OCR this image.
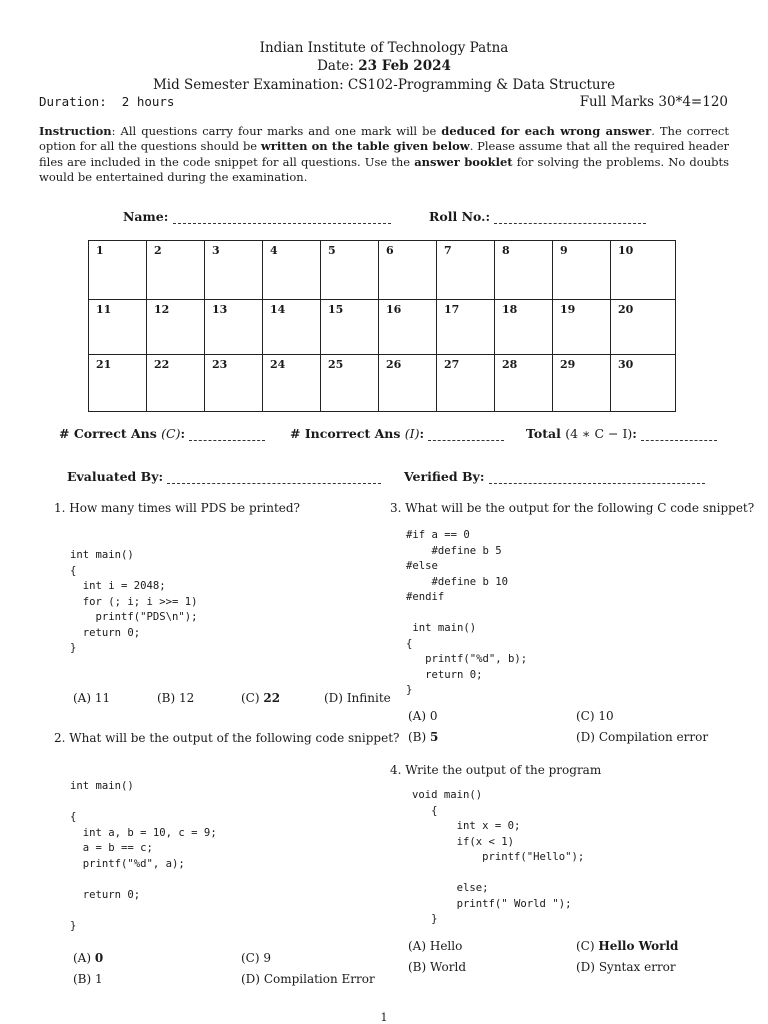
Indian Institute of Technology Patna
Date: 23 Feb 2024
Mid Semester Examination: CS102-Programming & Data Structure
Duration:  2 hours	Full Marks 30*4=120
Instruction: All questions carry four marks and one mark will be deduced for each wrong answer. The correct option for all the questions should be written on the table given below. Please assume that all the required header files are included in the code snippet for all questions. Use the answer booklet for solving the problems. No doubts would be entertained during the examination.
Name:	Roll No.:
1	2	3	4	5	6	7	8	9	10
11	12	13	14	15	16	17	18	19	20
21	22	23	24	25	26	27	28	29	30
# Correct Ans (C):	# Incorrect Ans (I):	Total (4 ∗ C − I):
Evaluated By:	Verified By:
1. How many times will PDS be printed?
int main()
{
int i = 2048;
for (; i; i >>= 1)
printf("PDS\n");
return 0;
}
(A) 11	(B) 12	(C) 22	(D) Infinite
2. What will be the output of the following code snippet?
int main()

{
int a, b = 10, c = 9;
a = b == c;
printf("%d", a);

return 0;

}
(A) 0	(C) 9
(B) 1	(D) Compilation Error
3. What will be the output for the following C code snippet?
#if a == 0
#define b 5
#else
#define b 10
#endif

int main()
{
printf("%d", b);
return 0;
}
(A) 0	(C) 10
(B) 5	(D) Compilation error
4. Write the output of the program
void main()
{
int x = 0;
if(x < 1)
printf("Hello");

else;
printf(" World ");
}
(A) Hello	(C) Hello World
(B) World	(D) Syntax error
1
